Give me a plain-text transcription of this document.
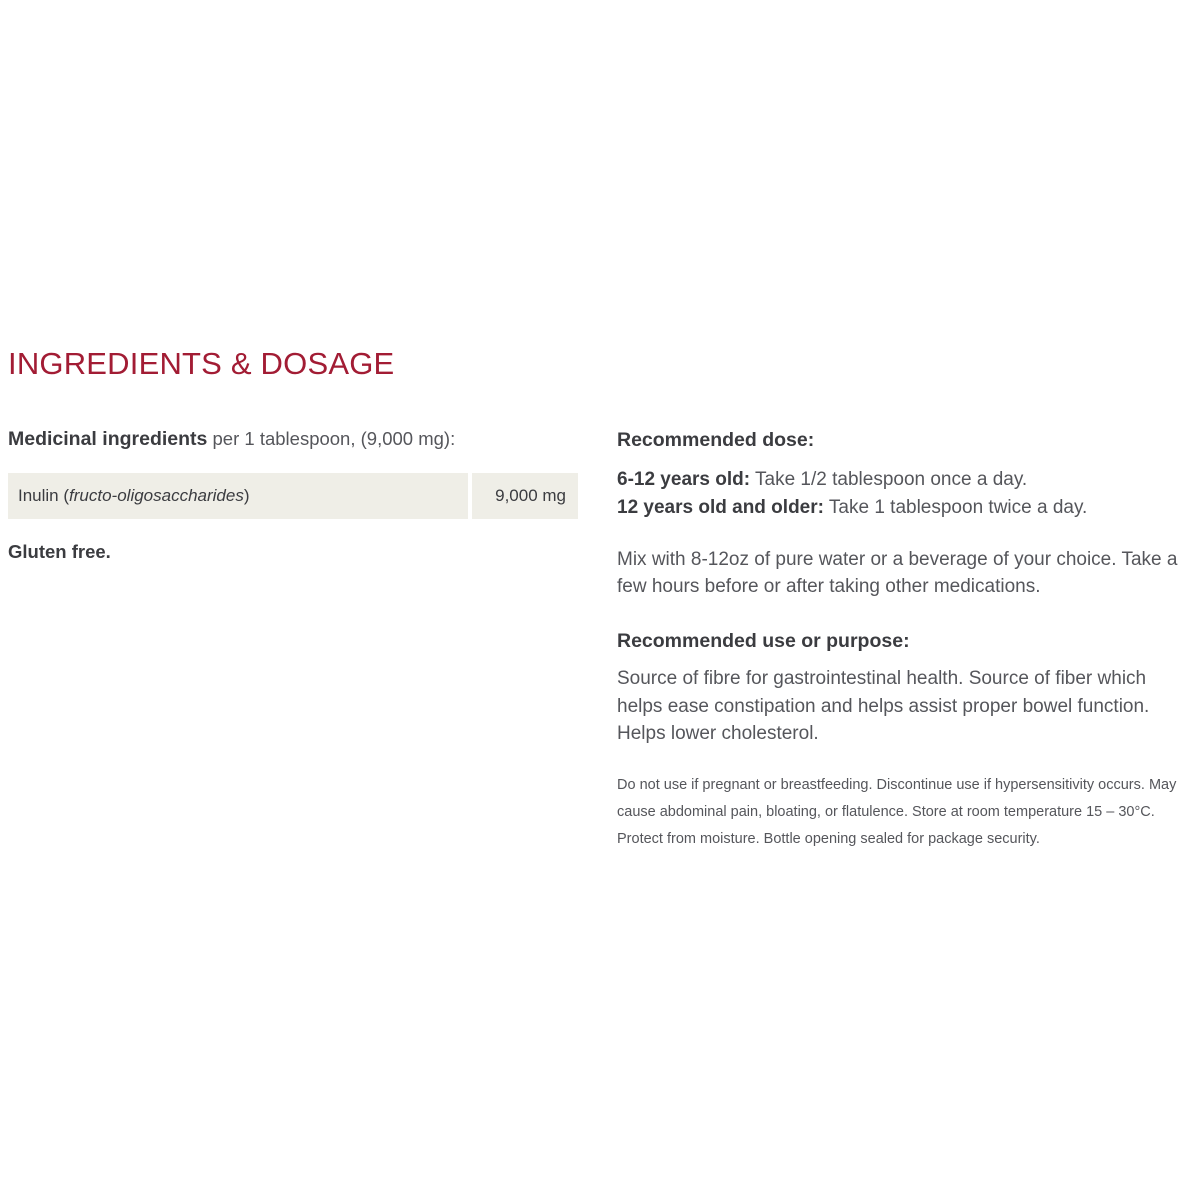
INGREDIENTS & DOSAGE

Medicinal ingredients per 1 tablespoon, (9,000 mg):

Inulin (fructo-oligosaccharides)	9,000 mg

Gluten free.

Recommended dose:
6-12 years old: Take 1/2 tablespoon once a day.
12 years old and older: Take 1 tablespoon twice a day.

Mix with 8-12oz of pure water or a beverage of your choice. Take a few hours before or after taking other medications.

Recommended use or purpose:

Source of fibre for gastrointestinal health. Source of fiber which helps ease constipation and helps assist proper bowel function. Helps lower cholesterol.

Do not use if pregnant or breastfeeding. Discontinue use if hypersensitivity occurs. May cause abdominal pain, bloating, or flatulence. Store at room temperature 15 – 30°C. Protect from moisture. Bottle opening sealed for package security.
